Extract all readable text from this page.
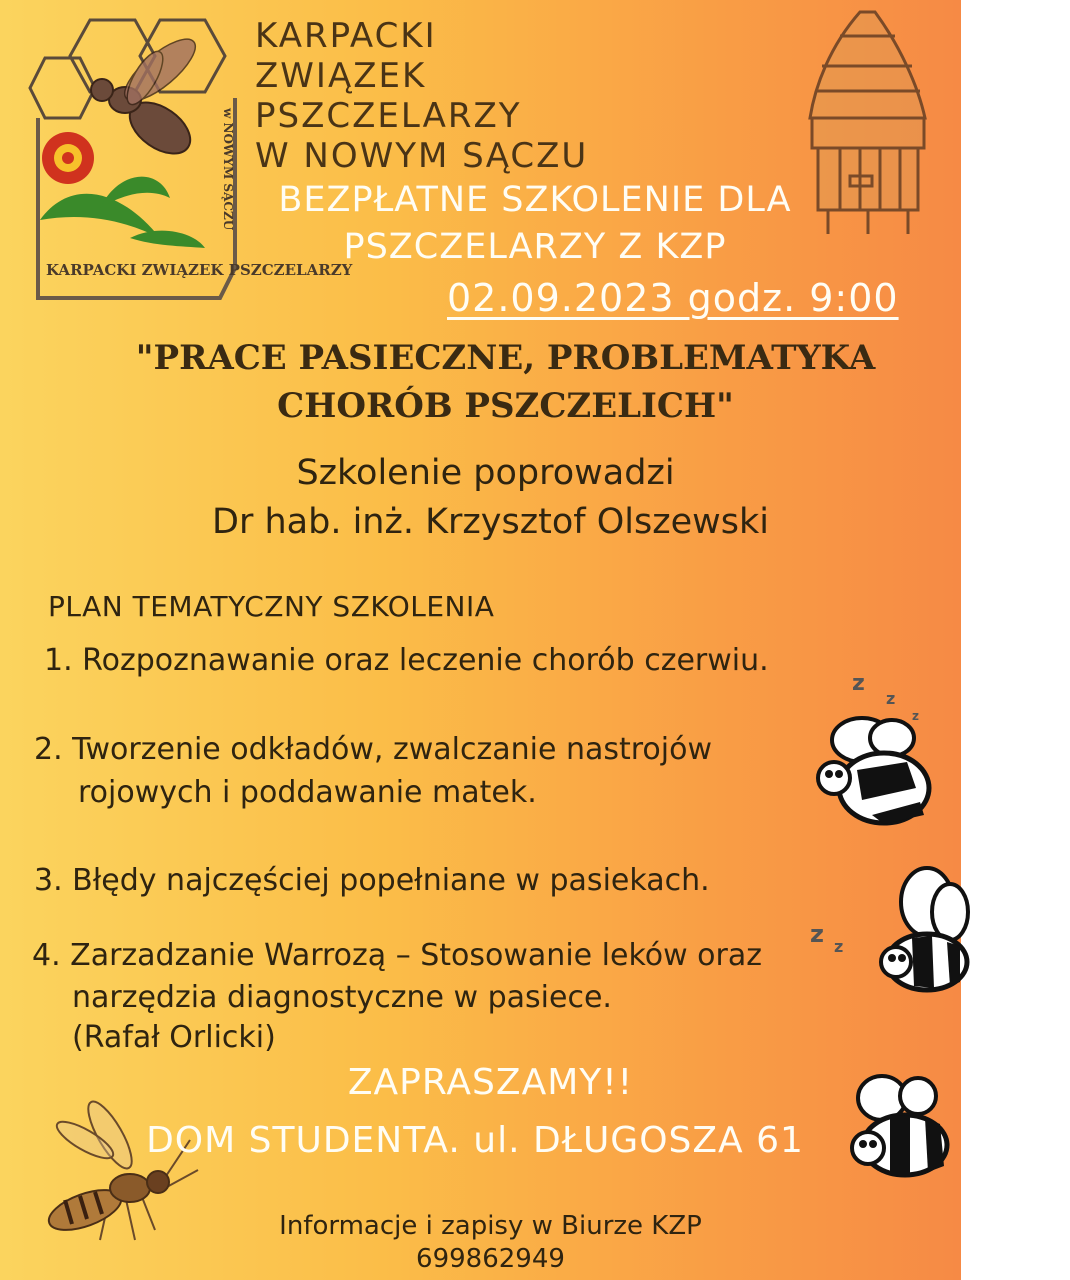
KARPACKI ZWIĄZEK PSZCZELARZY
w NOWYM SĄCZU
KARPACKI
ZWIĄZEK
PSZCZELARZY
W NOWYM SĄCZU
BEZPŁATNE SZKOLENIE DLA
PSZCZELARZY Z KZP
02.09.2023 godz. 9:00
"PRACE PASIECZNE, PROBLEMATYKA
CHORÓB PSZCZELICH"
Szkolenie poprowadzi
Dr hab. inż. Krzysztof Olszewski
PLAN TEMATYCZNY SZKOLENIA
1. Rozpoznawanie oraz leczenie chorób czerwiu.
2. Tworzenie odkładów, zwalczanie nastrojów
rojowych i poddawanie matek.
3. Błędy najczęściej popełniane w pasiekach.
4. Zarzadzanie Warrozą – Stosowanie leków oraz
narzędzia diagnostyczne w pasiece.
(Rafał Orlicki)
z
z
z
z z
ZAPRASZAMY!!
DOM STUDENTA. ul. DŁUGOSZA 61
Informacje i zapisy w Biurze KZP
699862949
